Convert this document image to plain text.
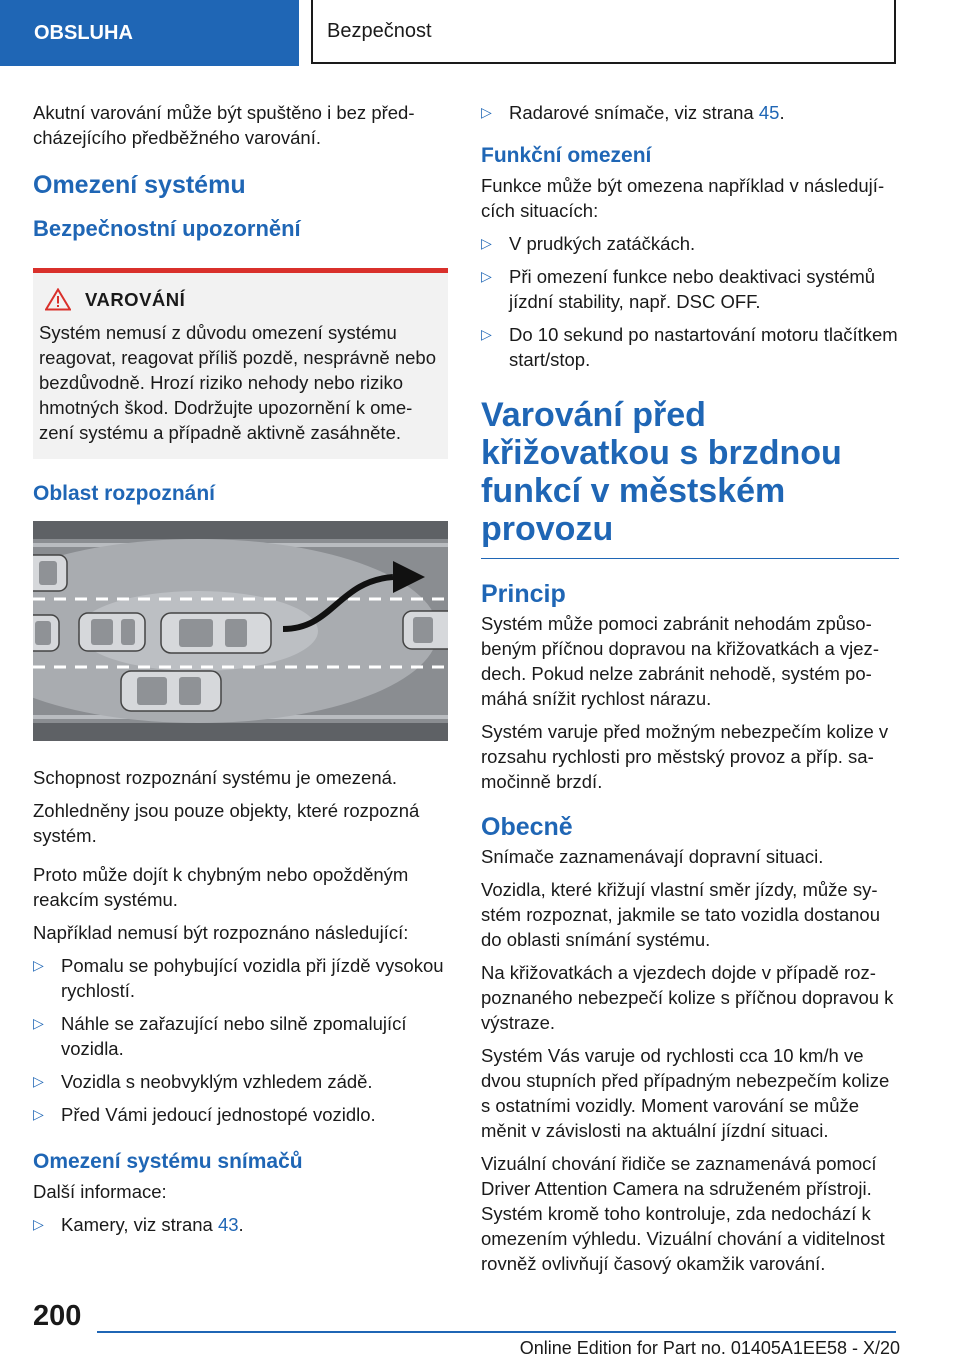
OBSLUHA	Bezpečnost

Akutní varování může být spuštěno i bez předcházejícího předběžného varování.

Omezení systému
Bezpečnostní upozornění
VAROVÁNÍ
Systém nemusí z důvodu omezení systému reagovat, reagovat příliš pozdě, nesprávně nebo bezdůvodně. Hrozí riziko nehody nebo riziko hmotných škod. Dodržujte upozornění k omezení systému a případně aktivně zasáhněte.
Oblast rozpoznání

Schopnost rozpoznání systému je omezená.

Zohledněny jsou pouze objekty, které rozpozná systém.

Proto může dojít k chybným nebo opožděným reakcím systému.

Například nemusí být rozpoznáno následující:

▷ Pomalu se pohybující vozidla při jízdě vysokou rychlostí.
▷ Náhle se zařazující nebo silně zpomalující vozidla.
▷ Vozidla s neobvyklým vzhledem zádě.
▷ Před Vámi jedoucí jednostopé vozidlo.
Omezení systému snímačů

Další informace:

▷ Kamery, viz strana 43.
▷ Radarové snímače, viz strana 45.
Funkční omezení

Funkce může být omezena například v následujících situacích:

▷ V prudkých zatáčkách.
▷ Při omezení funkce nebo deaktivaci systémů jízdní stability, např. DSC OFF.
▷ Do 10 sekund po nastartování motoru tlačítkem start/stop.
Varování před křižovatkou s brzdnou funkcí v městském provozu
Princip

Systém může pomoci zabránit nehodám způsobeným příčnou dopravou na křižovatkách a vjezdech. Pokud nelze zabránit nehodě, systém pomáhá snížit rychlost nárazu.

Systém varuje před možným nebezpečím kolize v rozsahu rychlosti pro městský provoz a příp. samočinně brzdí.

Obecně

Snímače zaznamenávají dopravní situaci.

Vozidla, které křižují vlastní směr jízdy, může systém rozpoznat, jakmile se tato vozidla dostanou do oblasti snímání systému.

Na křižovatkách a vjezdech dojde v případě rozpoznaného nebezpečí kolize s příčnou dopravou k výstraze.

Systém Vás varuje od rychlosti cca 10 km/h ve dvou stupních před případným nebezpečím kolize s ostatními vozidly. Moment varování se může měnit v závislosti na aktuální jízdní situaci.

Vizuální chování řidiče se zaznamenává pomocí Driver Attention Camera na sdruženém přístroji. Systém kromě toho kontroluje, zda nedochází k omezením výhledu. Vizuální chování a viditelnost rovněž ovlivňují časový okamžik varování.

200
Online Edition for Part no. 01405A1EE58 - X/20
